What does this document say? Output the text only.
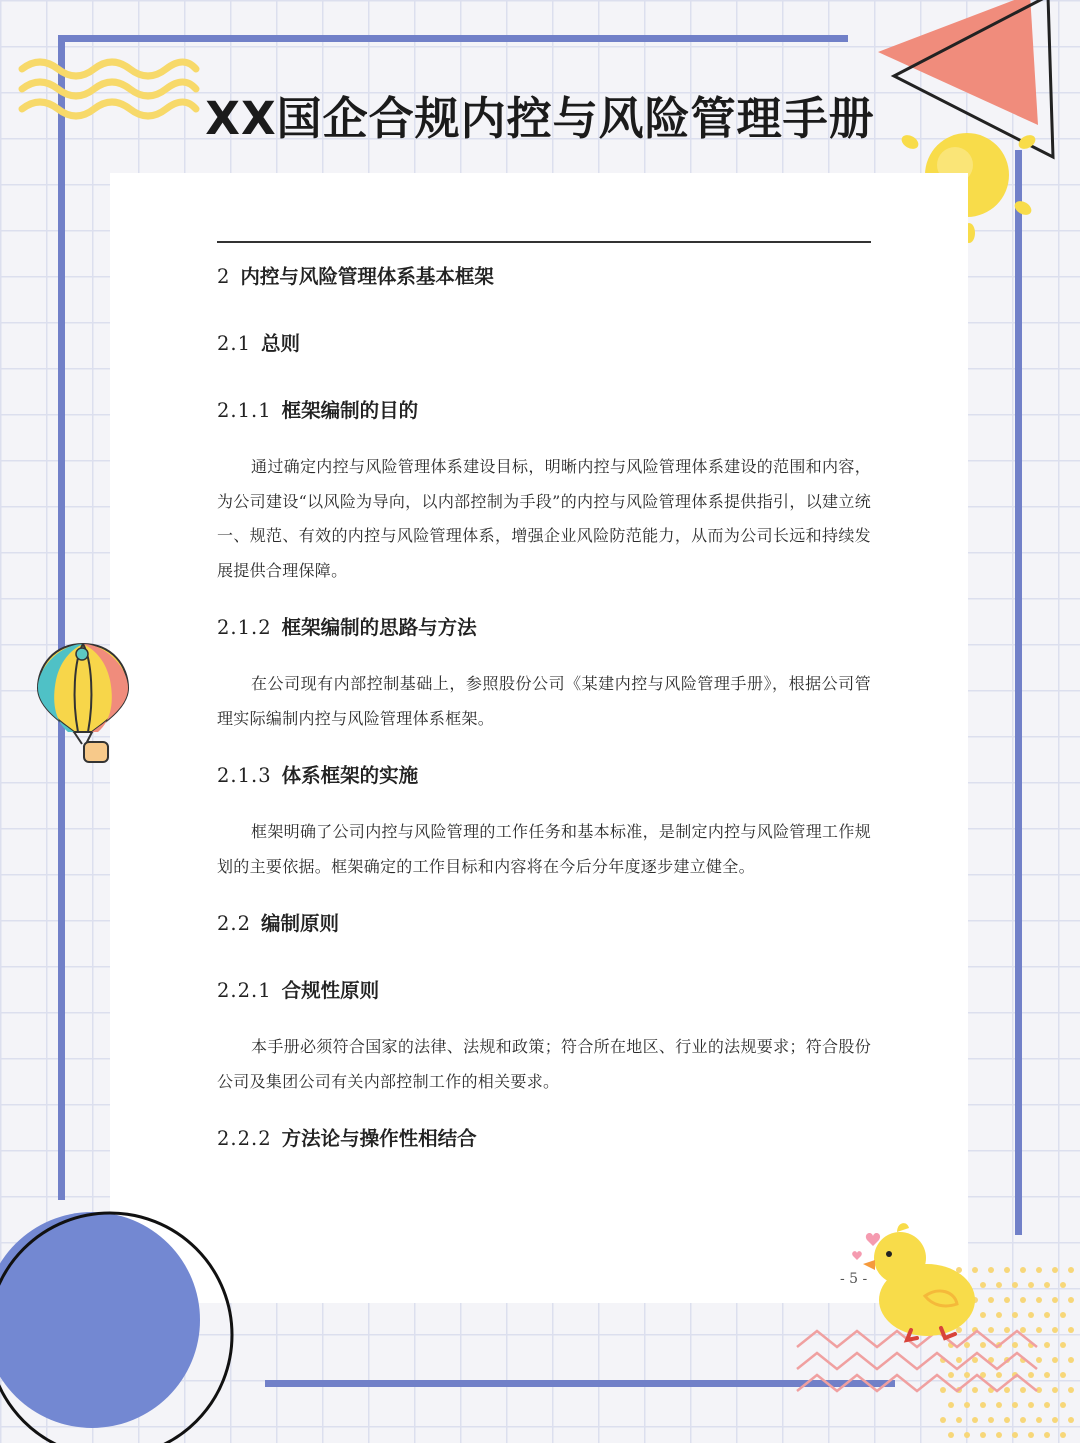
XX国企合规内控与风险管理手册
2 内控与风险管理体系基本框架
2.1 总则
2.1.1 框架编制的目的

通过确定内控与风险管理体系建设目标，明晰内控与风险管理体系建设的范围和内容，为公司建设“以风险为导向，以内部控制为手段”的内控与风险管理体系提供指引，以建立统一、规范、有效的内控与风险管理体系，增强企业风险防范能力，从而为公司长远和持续发展提供合理保障。

2.1.2 框架编制的思路与方法

在公司现有内部控制基础上，参照股份公司《某建内控与风险管理手册》，根据公司管理实际编制内控与风险管理体系框架。

2.1.3 体系框架的实施

框架明确了公司内控与风险管理的工作任务和基本标准，是制定内控与风险管理工作规划的主要依据。框架确定的工作目标和内容将在今后分年度逐步建立健全。

2.2 编制原则
2.2.1 合规性原则

本手册必须符合国家的法律、法规和政策；符合所在地区、行业的法规要求；符合股份公司及集团公司有关内部控制工作的相关要求。

2.2.2 方法论与操作性相结合
- 5 -
